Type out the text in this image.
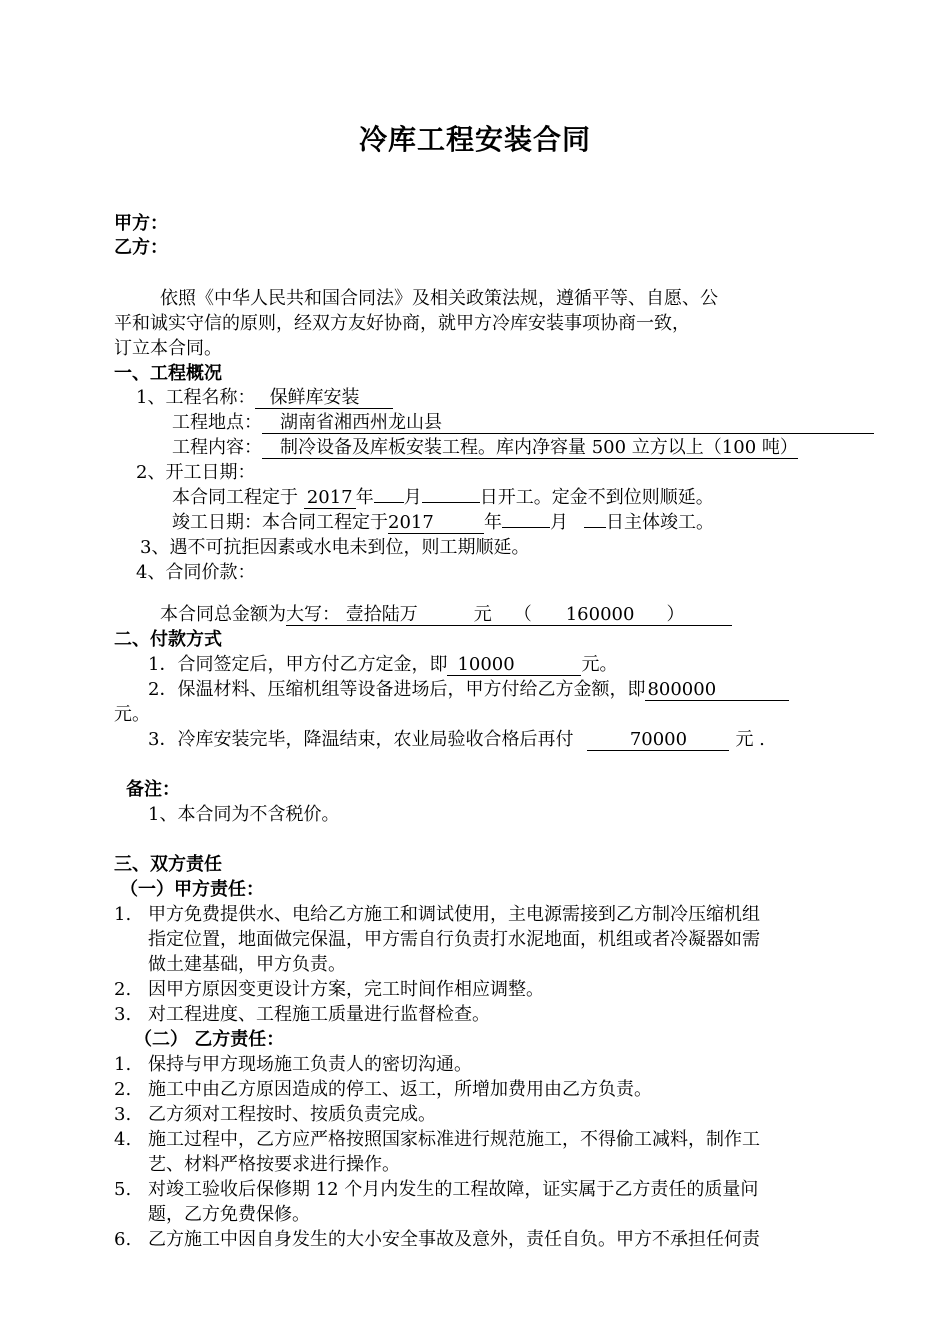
冷库工程安装合同
甲方：
乙方：
依照《中华人民共和国合同法》及相关政策法规，遵循平等、自愿、公
平和诚实守信的原则，经双方友好协商，就甲方冷库安装事项协商一致，
订立本合同。
一、工程概况
1、工程名称： 保鲜库安装
工程地点： 湖南省湘西州龙山县
工程内容： 制冷设备及库板安装工程。库内净容量 500 立方以上（100 吨）
2、开工日期：
本合同工程定于 2017 年 月	日开工。定金不到位则顺延。
竣工日期：本合同工程定于2017	年	月 日主体竣工。
3、遇不可抗拒因素或水电未到位，则工期顺延。
4、合同价款：
本合同总金额为大写： 壹拾陆万	元 （ 160000 ）
二、付款方式
1．合同签定后，甲方付乙方定金，即 10000	元。
2．保温材料、压缩机组等设备进场后，甲方付给乙方金额，即 800000
元。
3．冷库安装完毕，降温结束，农业局验收合格后再付	70000	元 .
备注：
1、本合同为不含税价。
三、双方责任
（一）甲方责任：
1. 甲方免费提供水、电给乙方施工和调试使用，主电源需接到乙方制冷压缩机组
指定位置，地面做完保温，甲方需自行负责打水泥地面，机组或者冷凝器如需
做土建基础，甲方负责。
2. 因甲方原因变更设计方案，完工时间作相应调整。
3. 对工程进度、工程施工质量进行监督检查。
（二） 乙方责任：
1. 保持与甲方现场施工负责人的密切沟通。
2. 施工中由乙方原因造成的停工、返工，所增加费用由乙方负责。
3. 乙方须对工程按时、按质负责完成。
4. 施工过程中，乙方应严格按照国家标准进行规范施工，不得偷工减料，制作工
艺、材料严格按要求进行操作。
5. 对竣工验收后保修期 12 个月内发生的工程故障，证实属于乙方责任的质量问
题，乙方免费保修。
6. 乙方施工中因自身发生的大小安全事故及意外，责任自负。甲方不承担任何责
